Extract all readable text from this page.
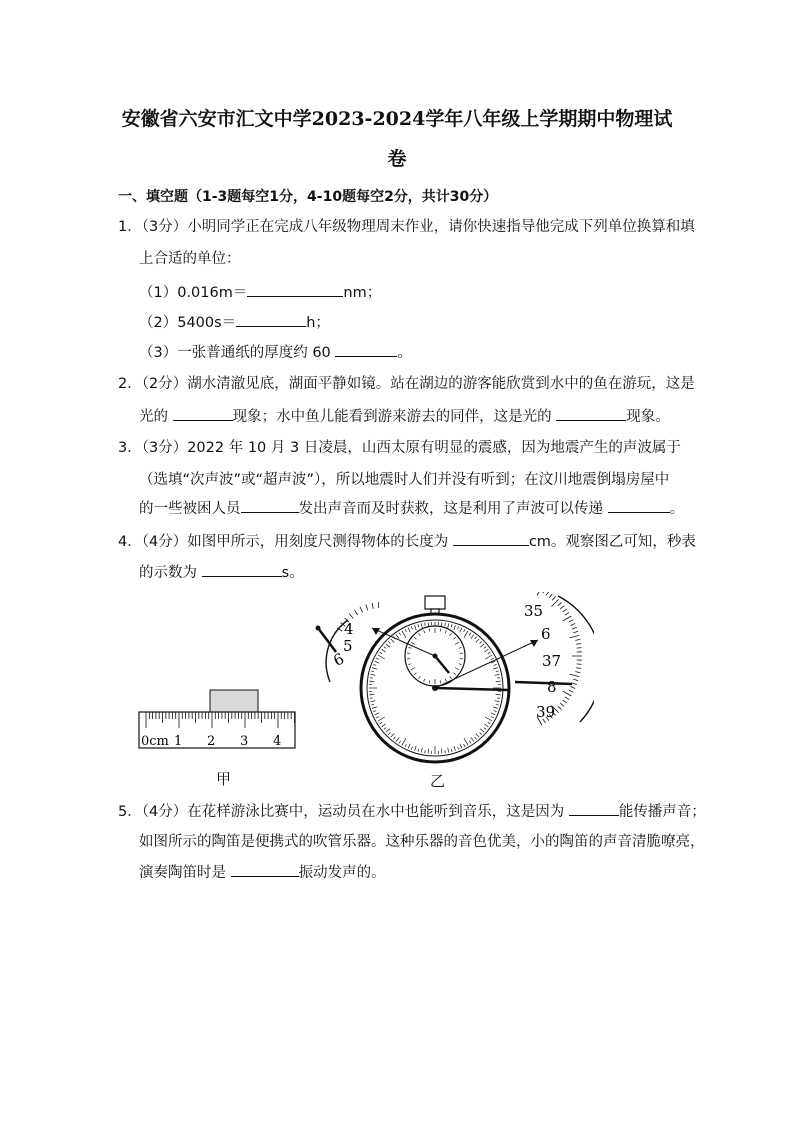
安徽省六安市汇文中学2023-2024学年八年级上学期期中物理试
卷
一、填空题（1-3题每空1分，4-10题每空2分，共计30分）
1．（3分）小明同学正在完成八年级物理周末作业，请你快速指导他完成下列单位换算和填
上合适的单位：
（1）0.016m＝	nm；
（2）5400s＝	h；
（3）一张普通纸的厚度约 60	。
2．（2分）湖水清澈见底，湖面平静如镜。站在湖边的游客能欣赏到水中的鱼在游玩，这是
光的	现象；水中鱼儿能看到游来游去的同伴，这是光的	现象。
3．（3分）2022 年 10 月 3 日凌晨，山西太原有明显的震感，因为地震产生的声波属于
（选填“次声波”或“超声波”），所以地震时人们并没有听到；在汶川地震倒塌房屋中
的一些被困人员	发出声音而及时获救，这是利用了声波可以传递	。
4．（4分）如图甲所示，用刻度尺测得物体的长度为	cm。观察图乙可知，秒表
的示数为	s。
0cm 1 2 3 4
甲
4
5
6
35
6
37
8
39
乙
5．（4分）在花样游泳比赛中，运动员在水中也能听到音乐，这是因为	能传播声音；
如图所示的陶笛是便携式的吹管乐器。这种乐器的音色优美，小的陶笛的声音清脆嘹亮，
演奏陶笛时是	振动发声的。
